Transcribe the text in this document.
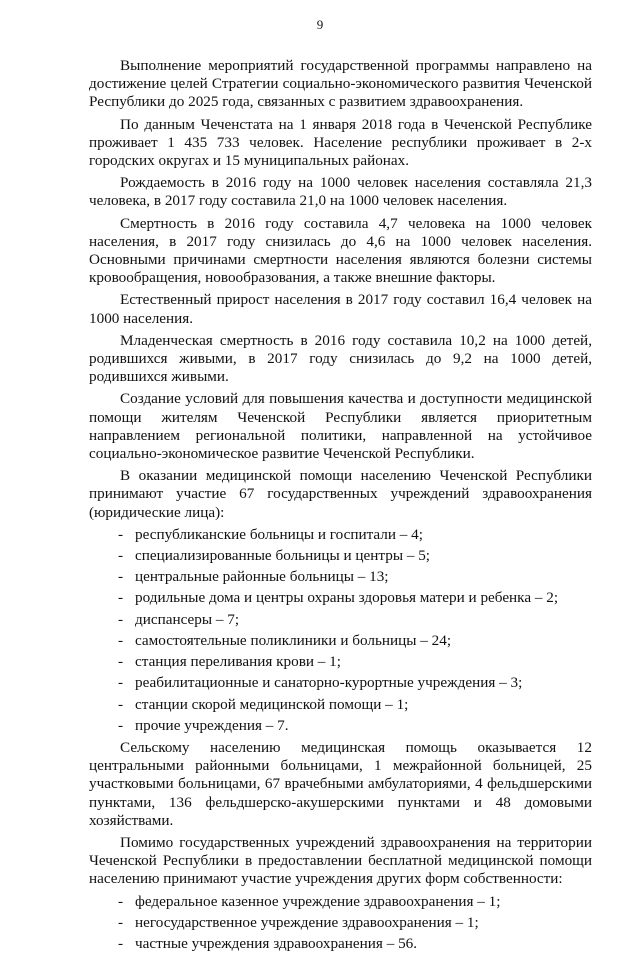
9

Выполнение мероприятий государственной программы направлено на достижение целей Стратегии социально-экономического развития Чеченской Республики до 2025 года, связанных с развитием здравоохранения.

По данным Чеченстата на 1 января 2018 года в Чеченской Республике проживает 1 435 733 человек. Население республики проживает в 2-х городских округах и 15 муниципальных районах.

Рождаемость в 2016 году на 1000 человек населения составляла 21,3 человека, в 2017 году составила 21,0 на 1000 человек населения.

Смертность в 2016 году составила 4,7 человека на 1000 человек населения, в 2017 году снизилась до 4,6 на 1000 человек населения. Основными причинами смертности населения являются болезни системы кровообращения, новообразования, а также внешние факторы.

Естественный прирост населения в 2017 году составил 16,4 человек на 1000 населения.

Младенческая смертность в 2016 году составила 10,2 на 1000 детей, родившихся живыми, в 2017 году снизилась до 9,2 на 1000 детей, родившихся живыми.

Создание условий для повышения качества и доступности медицинской помощи жителям Чеченской Республики является приоритетным направлением региональной политики, направленной на устойчивое социально-экономическое развитие Чеченской Республики.

В оказании медицинской помощи населению Чеченской Республики принимают участие 67 государственных учреждений здравоохранения (юридические лица):

- республиканские больницы и госпитали – 4;
- специализированные больницы и центры – 5;
- центральные районные больницы – 13;
- родильные дома и центры охраны здоровья матери и ребенка – 2;
- диспансеры – 7;
- самостоятельные поликлиники и больницы – 24;
- станция переливания крови – 1;
- реабилитационные и санаторно-курортные учреждения – 3;
- станции скорой медицинской помощи – 1;
- прочие учреждения – 7.

Сельскому населению медицинская помощь оказывается 12 центральными районными больницами, 1 межрайонной больницей, 25 участковыми больницами, 67 врачебными амбулаториями, 4 фельдшерскими пунктами, 136 фельдшерско-акушерскими пунктами и 48 домовыми хозяйствами.

Помимо государственных учреждений здравоохранения на территории Чеченской Республики в предоставлении бесплатной медицинской помощи населению принимают участие учреждения других форм собственности:

- федеральное казенное учреждение здравоохранения – 1;
- негосударственное учреждение здравоохранения – 1;
- частные учреждения здравоохранения – 56.
